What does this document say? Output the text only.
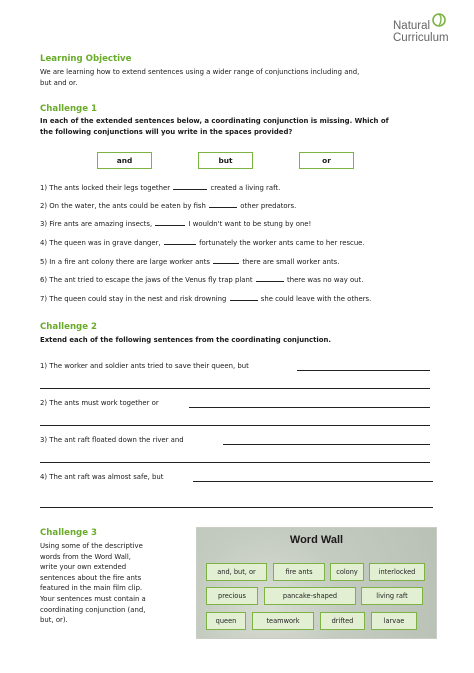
Natural
Curriculum
Learning Objective
We are learning how to extend sentences using a wider range of conjunctions including and,
but and or.
Challenge 1
In each of the extended sentences below, a coordinating conjunction is missing. Which of
the following conjunctions will you write in the spaces provided?
and	but	or
1) The ants locked their legs together	created a living raft.
2) On the water, the ants could be eaten by fish	other predators.
3) Fire ants are amazing insects,	I wouldn't want to be stung by one!
4) The queen was in grave danger,	fortunately the worker ants came to her rescue.
5) In a fire ant colony there are large worker ants	there are small worker ants.
6) The ant tried to escape the jaws of the Venus fly trap plant	there was no way out.
7) The queen could stay in the nest and risk drowning	she could leave with the others.
Challenge 2
Extend each of the following sentences from the coordinating conjunction.
1) The worker and soldier ants tried to save their queen, but
2) The ants must work together or
3) The ant raft floated down the river and
4) The ant raft was almost safe, but
Challenge 3
Using some of the descriptive
words from the Word Wall,
write your own extended
sentences about the fire ants
featured in the main film clip.
Your sentences must contain a
coordinating conjunction (and,
but, or).
Word Wall
and, but, or	fire ants	colony	interlocked
precious	pancake-shaped	living raft
queen	teamwork	drifted	larvae
